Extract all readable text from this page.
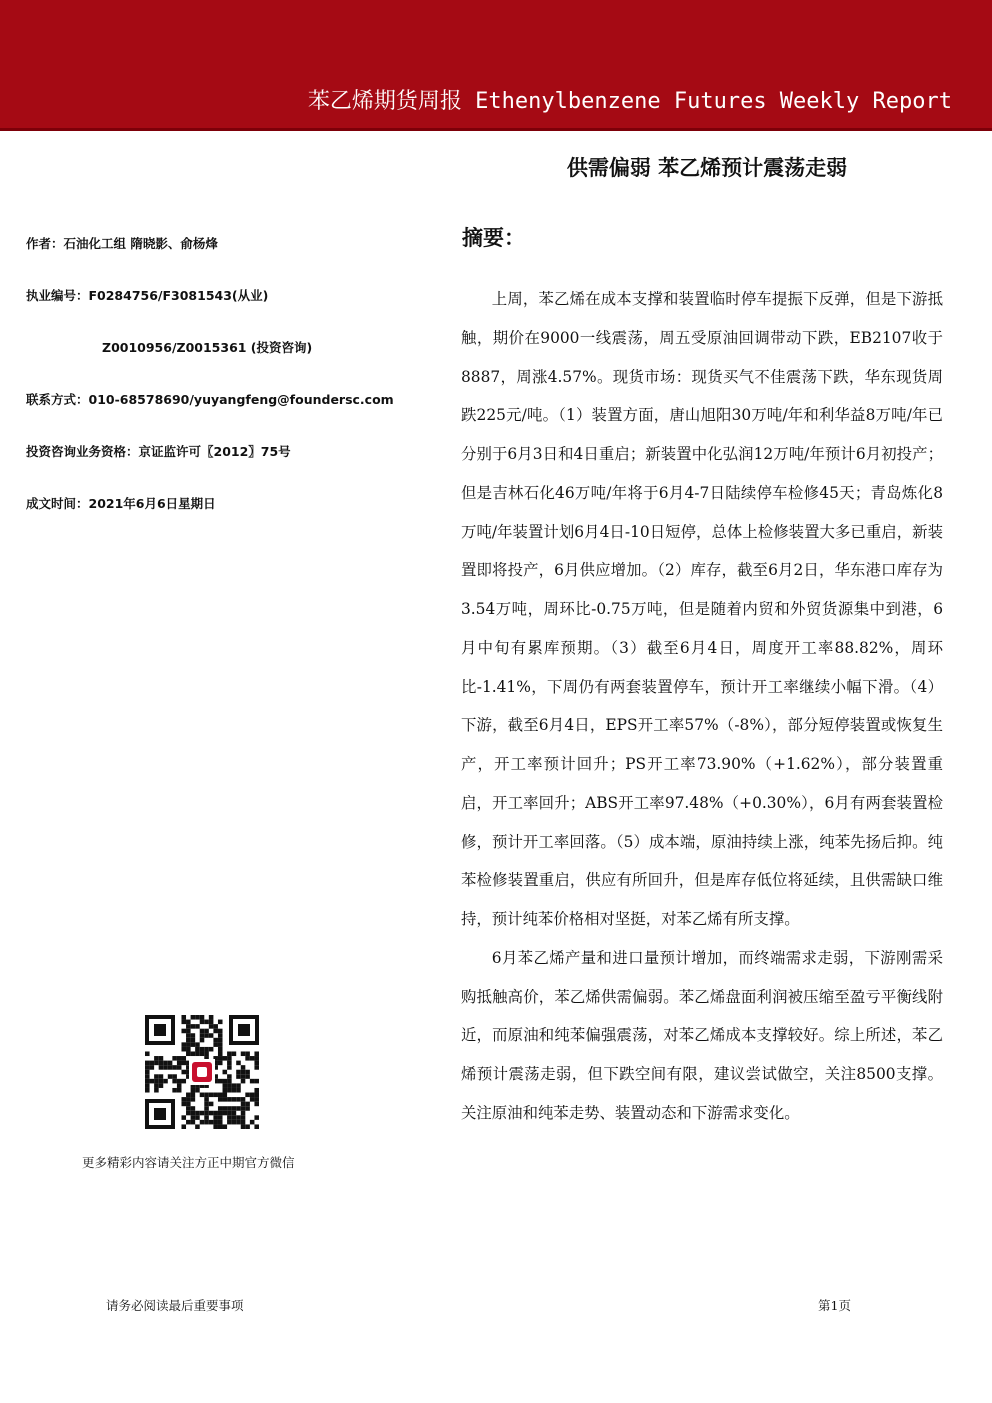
苯乙烯期货周报 Ethenylbenzene Futures Weekly Report
供需偏弱 苯乙烯预计震荡走弱
作者：石油化工组 隋晓影、俞杨烽
执业编号：F0284756/F3081543(从业)
Z0010956/Z0015361 (投资咨询)
联系方式：010-68578690/yuyangfeng@foundersc.com
投资咨询业务资格：京证监许可〖2012〗75号
成文时间：2021年6月6日星期日
摘要：

上周，苯乙烯在成本支撑和装置临时停车提振下反弹，但是下游抵触，期价在9000一线震荡，周五受原油回调带动下跌，EB2107收于8887，周涨4.57%。现货市场：现货买气不佳震荡下跌，华东现货周跌225元/吨。（1）装置方面，唐山旭阳30万吨/年和利华益8万吨/年已分别于6月3日和4日重启；新装置中化弘润12万吨/年预计6月初投产；但是吉林石化46万吨/年将于6月4-7日陆续停车检修45天；青岛炼化8万吨/年装置计划6月4日-10日短停，总体上检修装置大多已重启，新装置即将投产，6月供应增加。（2）库存，截至6月2日，华东港口库存为3.54万吨，周环比-0.75万吨，但是随着内贸和外贸货源集中到港，6月中旬有累库预期。（3）截至6月4日，周度开工率88.82%，周环比-1.41%，下周仍有两套装置停车，预计开工率继续小幅下滑。（4）下游，截至6月4日，EPS开工率57%（-8%），部分短停装置或恢复生产，开工率预计回升；PS开工率73.90%（+1.62%），部分装置重启，开工率回升；ABS开工率97.48%（+0.30%），6月有两套装置检修，预计开工率回落。（5）成本端，原油持续上涨，纯苯先扬后抑。纯苯检修装置重启，供应有所回升，但是库存低位将延续，且供需缺口维持，预计纯苯价格相对坚挺，对苯乙烯有所支撑。

6月苯乙烯产量和进口量预计增加，而终端需求走弱，下游刚需采购抵触高价，苯乙烯供需偏弱。苯乙烯盘面利润被压缩至盈亏平衡线附近，而原油和纯苯偏强震荡，对苯乙烯成本支撑较好。综上所述，苯乙烯预计震荡走弱，但下跌空间有限，建议尝试做空，关注8500支撑。关注原油和纯苯走势、装置动态和下游需求变化。

更多精彩内容请关注方正中期官方微信
请务必阅读最后重要事项	第1页
